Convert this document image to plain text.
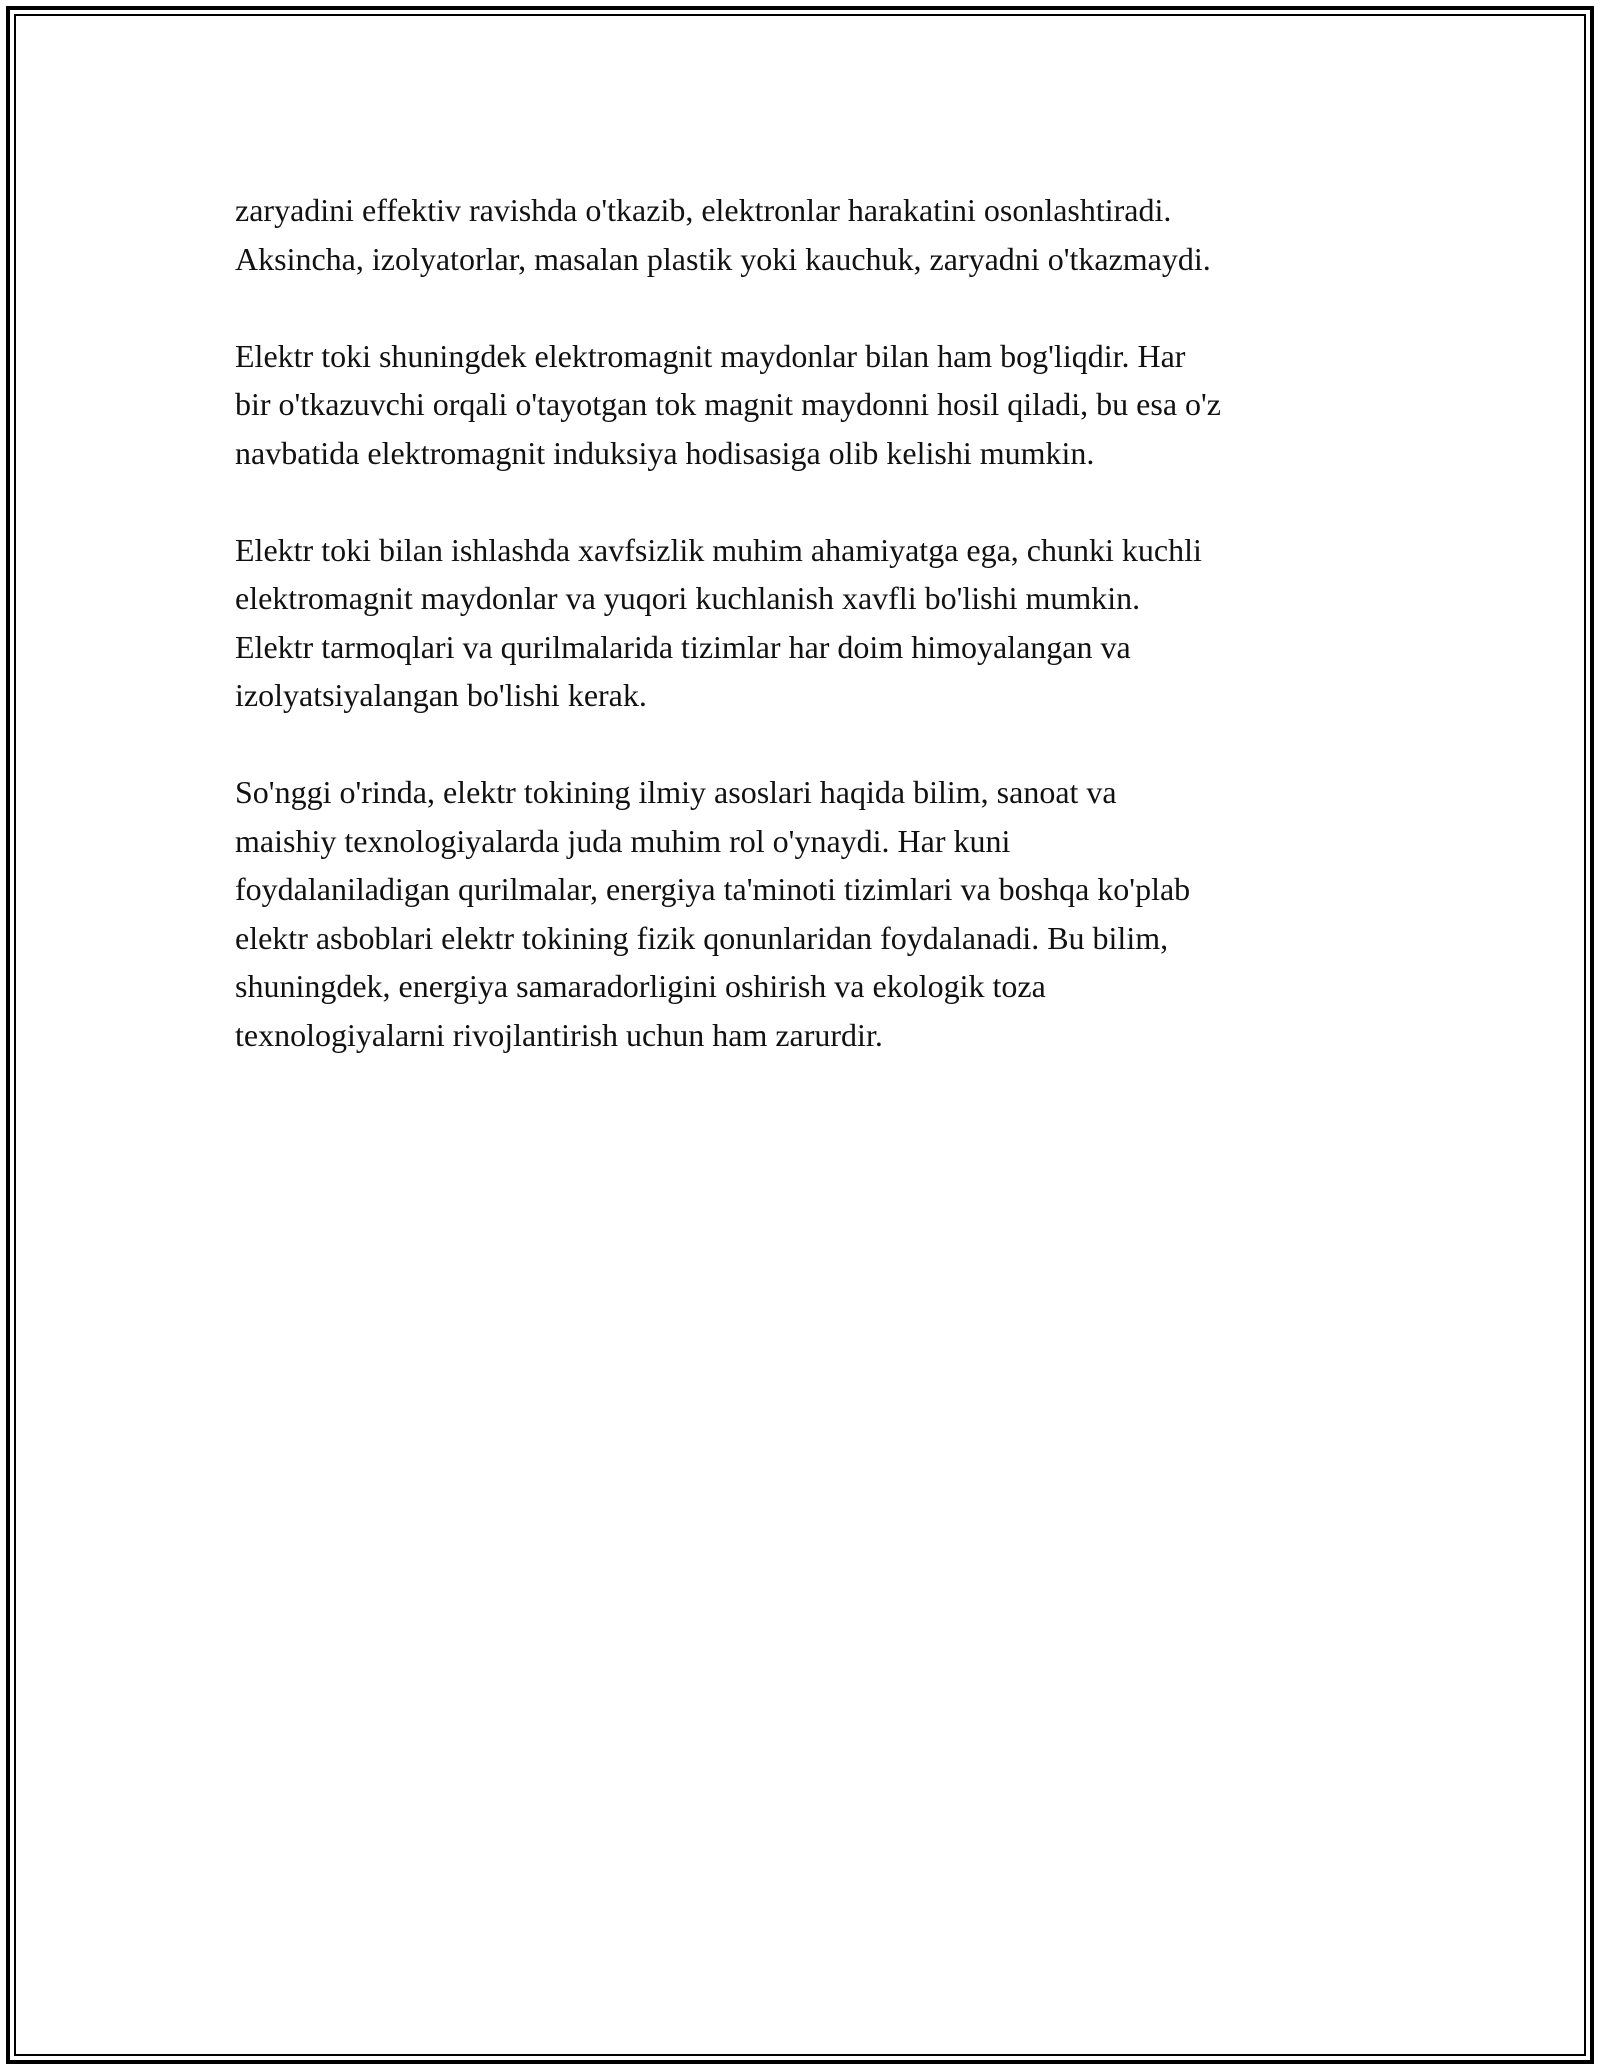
zaryadini effektiv ravishda o'tkazib, elektronlar harakatini osonlashtiradi.
Aksincha, izolyatorlar, masalan plastik yoki kauchuk, zaryadni o'tkazmaydi.

Elektr toki shuningdek elektromagnit maydonlar bilan ham bog'liqdir. Har
bir o'tkazuvchi orqali o'tayotgan tok magnit maydonni hosil qiladi, bu esa o'z
navbatida elektromagnit induksiya hodisasiga olib kelishi mumkin.

Elektr toki bilan ishlashda xavfsizlik muhim ahamiyatga ega, chunki kuchli
elektromagnit maydonlar va yuqori kuchlanish xavfli bo'lishi mumkin.
Elektr tarmoqlari va qurilmalarida tizimlar har doim himoyalangan va
izolyatsiyalangan bo'lishi kerak.

So'nggi o'rinda, elektr tokining ilmiy asoslari haqida bilim, sanoat va
maishiy texnologiyalarda juda muhim rol o'ynaydi. Har kuni
foydalaniladigan qurilmalar, energiya ta'minoti tizimlari va boshqa ko'plab
elektr asboblari elektr tokining fizik qonunlaridan foydalanadi. Bu bilim,
shuningdek, energiya samaradorligini oshirish va ekologik toza
texnologiyalarni rivojlantirish uchun ham zarurdir.
